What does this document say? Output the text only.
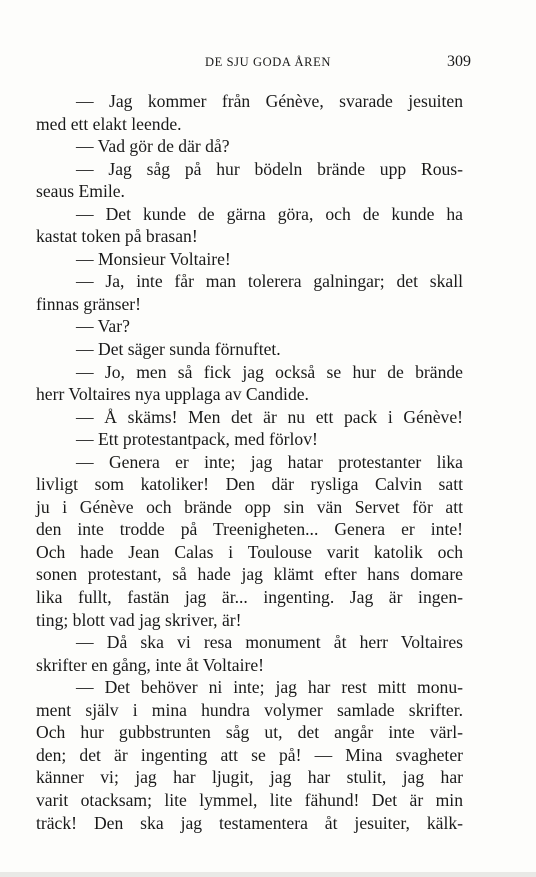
DE SJU GODA ÅREN	309
— Jag kommer från Génève, svarade jesuiten
med ett elakt leende.
— Vad gör de där då?
— Jag såg på hur bödeln brände upp Rous-
seaus Emile.
— Det kunde de gärna göra, och de kunde ha
kastat token på brasan!
— Monsieur Voltaire!
— Ja, inte får man tolerera galningar; det skall
finnas gränser!
— Var?
— Det säger sunda förnuftet.
— Jo, men så fick jag också se hur de brände
herr Voltaires nya upplaga av Candide.
— Å skäms! Men det är nu ett pack i Génève!
— Ett protestantpack, med förlov!
— Genera er inte; jag hatar protestanter lika
livligt som katoliker! Den där rysliga Calvin satt
ju i Génève och brände opp sin vän Servet för att
den inte trodde på Treenigheten... Genera er inte!
Och hade Jean Calas i Toulouse varit katolik och
sonen protestant, så hade jag klämt efter hans domare
lika fullt, fastän jag är... ingenting. Jag är ingen-
ting; blott vad jag skriver, är!
— Då ska vi resa monument åt herr Voltaires
skrifter en gång, inte åt Voltaire!
— Det behöver ni inte; jag har rest mitt monu-
ment själv i mina hundra volymer samlade skrifter.
Och hur gubbstrunten såg ut, det angår inte värl-
den; det är ingenting att se på! — Mina svagheter
känner vi; jag har ljugit, jag har stulit, jag har
varit otacksam; lite lymmel, lite fähund! Det är min
träck! Den ska jag testamentera åt jesuiter, kälk-
